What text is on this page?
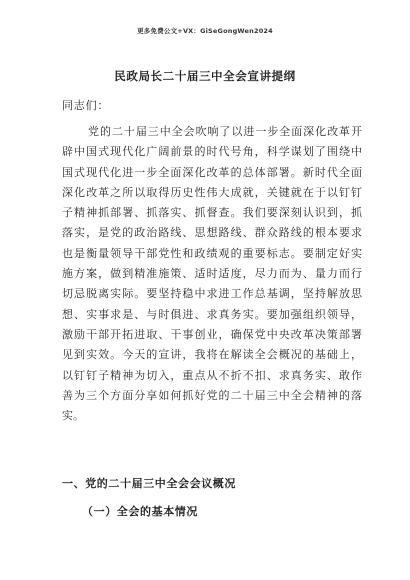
更多免费公文+VX：GiSeGongWen2024
民政局长二十届三中全会宣讲提纲
同志们：
党的二十届三中全会吹响了以进一步全面深化改革开
辟中国式现代化广阔前景的时代号角，科学谋划了围绕中
国式现代化进一步全面深化改革的总体部署。新时代全面
深化改革之所以取得历史性伟大成就，关键就在于以钉钉
子精神抓部署、抓落实、抓督查。我们要深刻认识到，抓
落实，是党的政治路线、思想路线、群众路线的根本要求
也是衡量领导干部党性和政绩观的重要标志。要制定好实
施方案，做到精准施策、适时适度，尽力而为、量力而行
切忌脱离实际。要坚持稳中求进工作总基调，坚持解放思
想、实事求是、与时俱进、求真务实。要加强组织领导，
激励干部开拓进取、干事创业，确保党中央改革决策部署
见到实效。今天的宣讲，我将在解读全会概况的基础上，
以钉钉子精神为切入，重点从不折不扣、求真务实、敢作
善为三个方面分享如何抓好党的二十届三中全会精神的落
实。
一、党的二十届三中全会会议概况
（一）全会的基本情况
